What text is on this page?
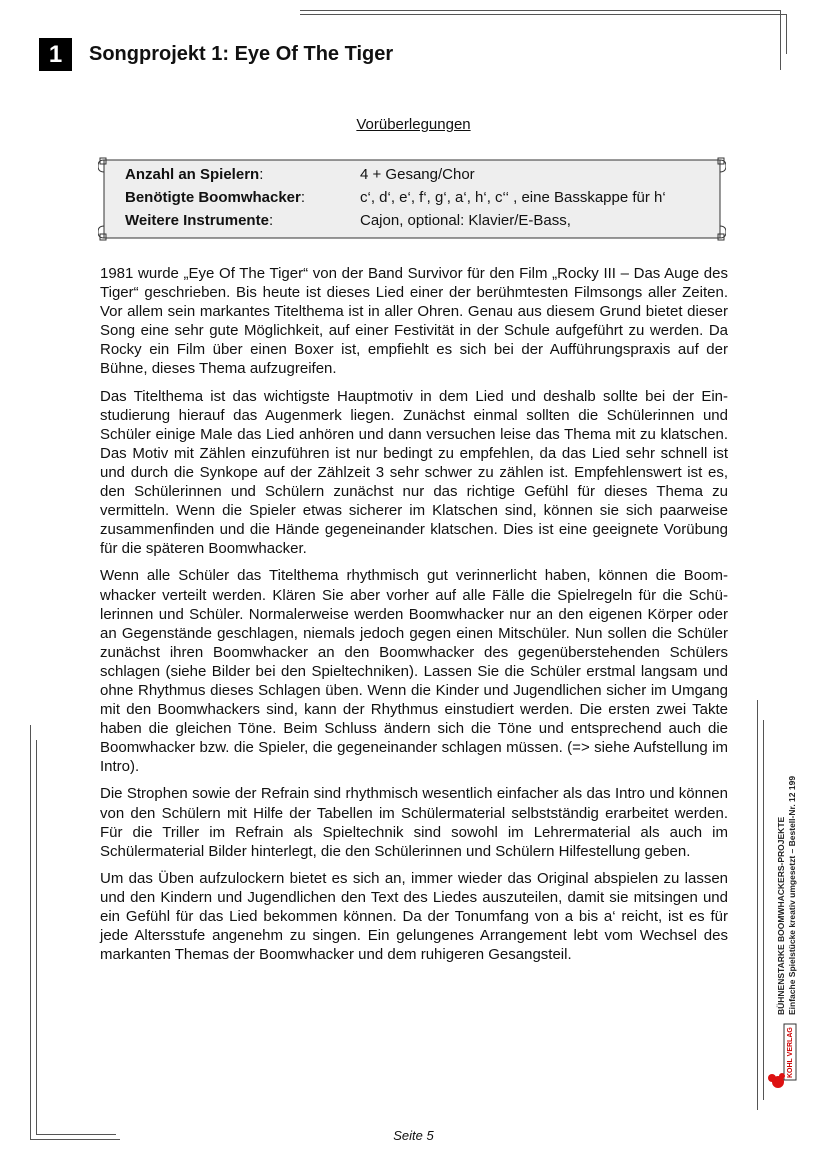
1	Songprojekt 1: Eye Of The Tiger
Vorüberlegungen
Anzahl an Spielern:	4 + Gesang/Chor
Benötigte Boomwhacker:	c‘, d‘, e‘, f‘, g‘, a‘, h‘, c‘‘ , eine Basskappe für h‘
Weitere Instrumente:	Cajon, optional: Klavier/E-Bass,

1981 wurde „Eye Of The Tiger“ von der Band Survivor für den Film „Rocky III – Das Auge des Tiger“ geschrieben. Bis heute ist dieses Lied einer der berühmtesten Filmsongs aller Zeiten. Vor allem sein markantes Titelthema ist in aller Ohren. Genau aus diesem Grund bietet dieser Song eine sehr gute Möglichkeit, auf einer Festivität in der Schule aufgeführt zu werden. Da Rocky ein Film über einen Boxer ist, empfiehlt es sich bei der Aufführungspraxis auf der Bühne, dieses Thema aufzugreifen.

Das Titelthema ist das wichtigste Hauptmotiv in dem Lied und deshalb sollte bei der Einstudierung hierauf das Augenmerk liegen. Zunächst einmal sollten die Schülerinnen und Schüler einige Male das Lied anhören und dann versuchen leise das Thema mit zu klatschen. Das Motiv mit Zählen einzuführen ist nur bedingt zu empfehlen, da das Lied sehr schnell ist und durch die Synkope auf der Zählzeit 3 sehr schwer zu zählen ist. Empfehlenswert ist es, den Schülerinnen und Schülern zunächst nur das richtige Gefühl für dieses Thema zu vermitteln. Wenn die Spieler etwas sicherer im Klatschen sind, können sie sich paarweise zusammenfinden und die Hände gegeneinander klatschen. Dies ist eine geeignete Vorübung für die späteren Boomwhacker.

Wenn alle Schüler das Titelthema rhythmisch gut verinnerlicht haben, können die Boomwhacker verteilt werden. Klären Sie aber vorher auf alle Fälle die Spielregeln für die Schülerinnen und Schüler. Normalerweise werden Boomwhacker nur an den eigenen Körper oder an Gegenstände geschlagen, niemals jedoch gegen einen Mitschüler. Nun sollen die Schüler zunächst ihren Boomwhacker an den Boomwhacker des gegenüberstehenden Schülers schlagen (siehe Bilder bei den Spieltechniken). Lassen Sie die Schüler erstmal langsam und ohne Rhythmus dieses Schlagen üben. Wenn die Kinder und Jugendlichen sicher im Umgang mit den Boomwhackers sind, kann der Rhythmus einstudiert werden. Die ersten zwei Takte haben die gleichen Töne. Beim Schluss ändern sich die Töne und entsprechend auch die Boomwhacker bzw. die Spieler, die gegeneinander schlagen müssen. (=> siehe Aufstellung im Intro).

Die Strophen sowie der Refrain sind rhythmisch wesentlich einfacher als das Intro und können von den Schülern mit Hilfe der Tabellen im Schülermaterial selbstständig erarbeitet werden. Für die Triller im Refrain als Spieltechnik sind sowohl im Lehrermaterial als auch im Schülermaterial Bilder hinterlegt, die den Schülerinnen und Schülern Hilfestellung geben.

Um das Üben aufzulockern bietet es sich an, immer wieder das Original abspielen zu lassen und den Kindern und Jugendlichen den Text des Liedes auszuteilen, damit sie mitsingen und ein Gefühl für das Lied bekommen können. Da der Tonumfang von a bis a‘ reicht, ist es für jede Altersstufe angenehm zu singen. Ein gelungenes Arrangement lebt vom Wechsel des markanten Themas der Boomwhacker und dem ruhigeren Gesangsteil.	BÜHNENSTARKE BOOMWHACKERS-PROJEKTE Einfache Spielstücke kreativ umgesetzt – Bestell-Nr. 12 199
KOHL VERLAG
Seite 5
